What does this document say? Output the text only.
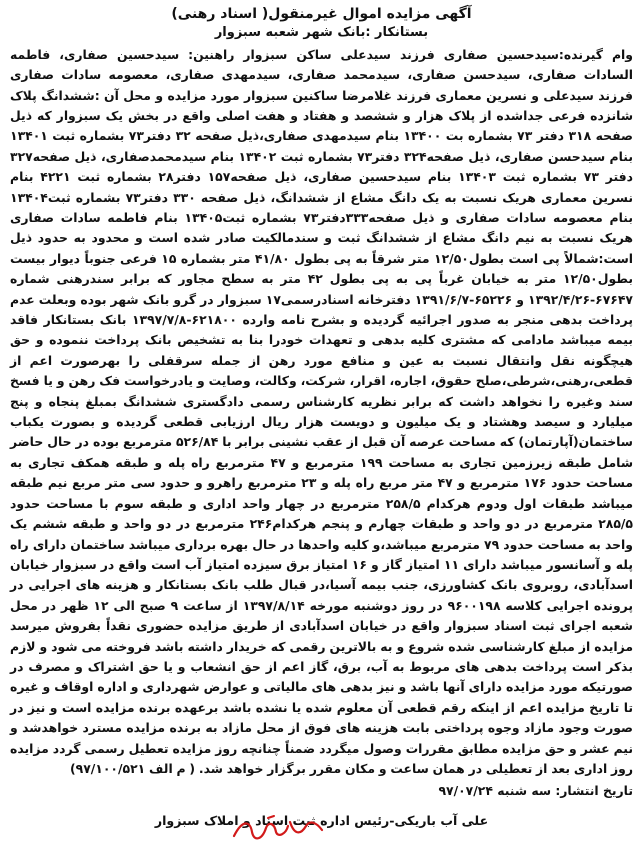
آگهی مزایده اموال غیرمنقول( اسناد رهنی)
بستانکار :بانک شهر شعبه سبزوار
وام گیرنده:سیدحسین صفاری فرزند سیدعلی ساکن سبزوار راهنین: سیدحسین صفاری، فاطمه السادات صفاری، سیدحسن صفاری، سیدمحمد صفاری، سیدمهدی صفاری، معصومه سادات صفاری فرزند سیدعلی و نسرین معماری فرزند غلامرضا ساکنین سبزوار مورد مزایده و محل آن :ششدانگ پلاک شانزده فرعی جداشده از پلاک هزار و ششصد و هفتاد و هفت اصلی واقع در بخش یک سبزوار که ذیل صفحه ۳۱۸ دفتر ۷۳ بشماره بت ۱۳۴۰۰ بنام سیدمهدی صفاری،ذیل صفحه ۳۲ دفتر۷۳ بشماره ثبت ۱۳۴۰۱ بنام سیدحسن صفاری، ذیل صفحه۳۲۴ دفتر۷۳ بشماره ثبت ۱۳۴۰۲ بنام سیدمحمدصفاری، ذیل صفحه۳۲۷ دفتر ۷۳ بشماره ثبت ۱۳۴۰۳ بنام سیدحسین صفاری، ذیل صفحه۱۵۷ دفتر۲۸ بشماره ثبت ۴۲۲۱ بنام نسرین معماری هریک نسبت به یک دانگ مشاع از ششدانگ، ذیل صفحه ۳۳۰ دفتر۷۳ بشماره ثبت۱۳۴۰۴ بنام معصومه سادات صفاری و ذیل صفحه۳۳۳دفتر۷۳ بشماره ثبت۱۳۴۰۵ بنام فاطمه سادات صفاری هریک نسبت به نیم دانگ مشاع از ششدانگ ثبت و سندمالکیت صادر شده است و محدود به حدود ذیل است:شمالاً پی است بطول۱۲/۵۰ متر شرقاً به پی بطول ۴۱/۸۰ متر بشماره ۱۵ فرعی جنوباً دیوار بیست بطول۱۲/۵۰ متر به خیابان غرباً پی به پی بطول ۴۲ متر به سطح مجاور که برابر سندرهنی شماره ۶۷۶۴۷-۱۳۹۲/۴/۲۶ و ۶۵۲۲۶-۱۳۹۱/۶/۷ دفترخانه اسنادرسمی۱۷ سبزوار در گرو بانک شهر بوده وبعلت عدم پرداخت بدهی منجر به صدور اجرائیه گردیده و بشرح نامه وارده ۶۲۱۸۰۰-۱۳۹۷/۷/۸ بانک بستانکار فاقد بیمه میباشد مادامی که مشتری کلیه بدهی و تعهدات خودرا بنا به تشخیص بانک پرداخت ننموده و حق هیچگونه نقل وانتقال نسبت به عین و منافع مورد رهن از جمله سرقفلی را بهرصورت اعم از قطعی،رهنی،شرطی،صلح حقوق، اجاره، اقرار، شرکت، وکالت، وصایت و یادرخواست فک رهن و یا فسخ سند وغیره را نخواهد داشت که برابر نظریه کارشناس رسمی دادگستری ششدانگ بمبلغ پنجاه و پنج میلیارد و سیصد وهشتاد و یک میلیون و دویست هزار ریال ارزیابی قطعی گردیده و بصورت یکباب ساختمان(آپارتمان) که مساحت عرصه آن قبل از عقب نشینی برابر با ۵۲۶/۸۴ مترمربع بوده در حال حاضر شامل طبقه زیرزمین تجاری به مساحت ۱۹۹ مترمربع و ۴۷ مترمربع راه پله و طبقه همکف تجاری به مساحت حدود ۱۷۶ مترمربع و ۴۷ متر مربع راه پله و ۲۳ مترمربع راهرو و حدود سی متر مربع نیم طبقه میباشد طبقات اول ودوم هرکدام ۲۵۸/۵ مترمربع در چهار واحد اداری و طبقه سوم با مساحت حدود ۲۸۵/۵ مترمربع در دو واحد و طبقات چهارم و پنجم هرکدام۲۴۶ مترمربع در دو واحد و طبقه ششم یک واحد به مساحت حدود ۷۹ مترمربع میباشد،و کلیه واحدها در حال بهره برداری میباشد ساختمان دارای راه پله و آسانسور میباشد دارای ۱۱ امتیاز گاز و ۱۶ امتیاز برق سیزده امتیاز آب است واقع در سبزوار خیابان اسدآبادی، روبروی بانک کشاورزی، جنب بیمه آسیا،در قبال طلب بانک بستانکار و هزینه های اجرایی در پرونده اجرایی کلاسه ۹۶۰۰۱۹۸ در روز دوشنبه مورخه ۱۳۹۷/۸/۱۴ از ساعت ۹ صبح الی ۱۲ ظهر در محل شعبه اجرای ثبت اسناد سبزوار واقع در خیابان اسدآبادی از طریق مزایده حضوری نقداً بفروش میرسد مزایده از مبلغ کارشناسی شده شروع و به بالاترین رقمی که خریدار داشته باشد فروخته می شود و لازم بذکر است پرداخت بدهی های مربوط به آب، برق، گاز اعم از حق انشعاب و یا حق اشتراک و مصرف در صورتیکه مورد مزایده دارای آنها باشد و نیز بدهی های مالیاتی و عوارض شهرداری و اداره اوقاف و غیره تا تاریخ مزایده اعم از اینکه رقم قطعی آن معلوم شده یا نشده باشد برعهده برنده مزایده است و نیز در صورت وجود مازاد وجوه پرداختی بابت هزینه های فوق از محل مازاد به برنده مزایده مسترد خواهدشد و نیم عشر و حق مزایده مطابق مقررات وصول میگردد ضمناً چنانچه روز مزایده تعطیل رسمی گردد مزایده روز اداری بعد از تعطیلی در همان ساعت و مکان مقرر برگزار خواهد شد. ( م الف ۹۷/۱۰۰/۵۲۱)
تاریخ انتشار: سه شنبه ۹۷/۰۷/۲۴
علی آب باریکی-رئیس اداره ثبت اسناد و املاک سبزوار
